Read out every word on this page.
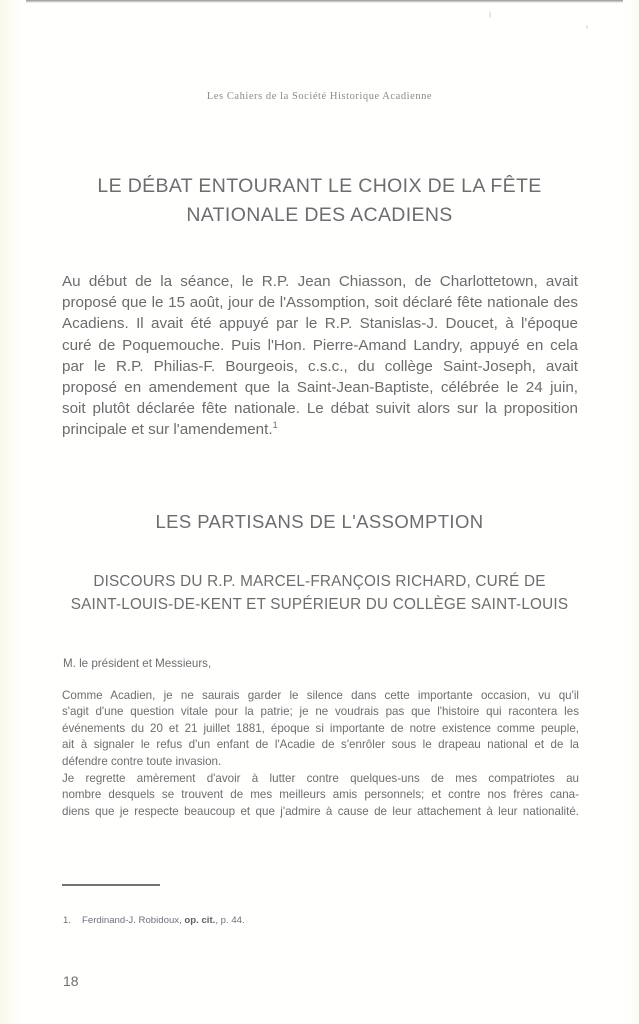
Les Cahiers de la Société Historique Acadienne
LE DÉBAT ENTOURANT LE CHOIX DE LA FÊTE NATIONALE DES ACADIENS
Au début de la séance, le R.P. Jean Chiasson, de Charlottetown, avait
proposé que le 15 août, jour de l'Assomption, soit déclaré fête nationale des
Acadiens. Il avait été appuyé par le R.P. Stanislas-J. Doucet, à l'époque
curé de Poquemouche. Puis l'Hon. Pierre-Amand Landry, appuyé en cela
par le R.P. Philias-F. Bourgeois, c.s.c., du collège Saint-Joseph, avait
proposé en amendement que la Saint-Jean-Baptiste, célébrée le 24 juin,
soit plutôt déclarée fête nationale. Le débat suivit alors sur la proposition
principale et sur l'amendement.$^1$
LES PARTISANS DE L'ASSOMPTION
DISCOURS DU R.P. MARCEL-FRANÇOIS RICHARD, CURÉ DE
SAINT-LOUIS-DE-KENT ET SUPÉRIEUR DU COLLÈGE SAINT-LOUIS
M. le président et Messieurs,
Comme Acadien, je ne saurais garder le silence dans cette importante occasion, vu qu'il
s'agit d'une question vitale pour la patrie; je ne voudrais pas que l'histoire qui racontera les
événements du 20 et 21 juillet 1881, époque si importante de notre existence comme peuple,
ait à signaler le refus d'un enfant de l'Acadie de s'enrôler sous le drapeau national et de la
défendre contre toute invasion.
Je regrette amèrement d'avoir à lutter contre quelques-uns de mes compatriotes au
nombre desquels se trouvent de mes meilleurs amis personnels; et contre nos frères cana-
diens que je respecte beaucoup et que j'admire à cause de leur attachement à leur nationalité.
1. Ferdinand-J. Robidoux, op. cit., p. 44.
18
